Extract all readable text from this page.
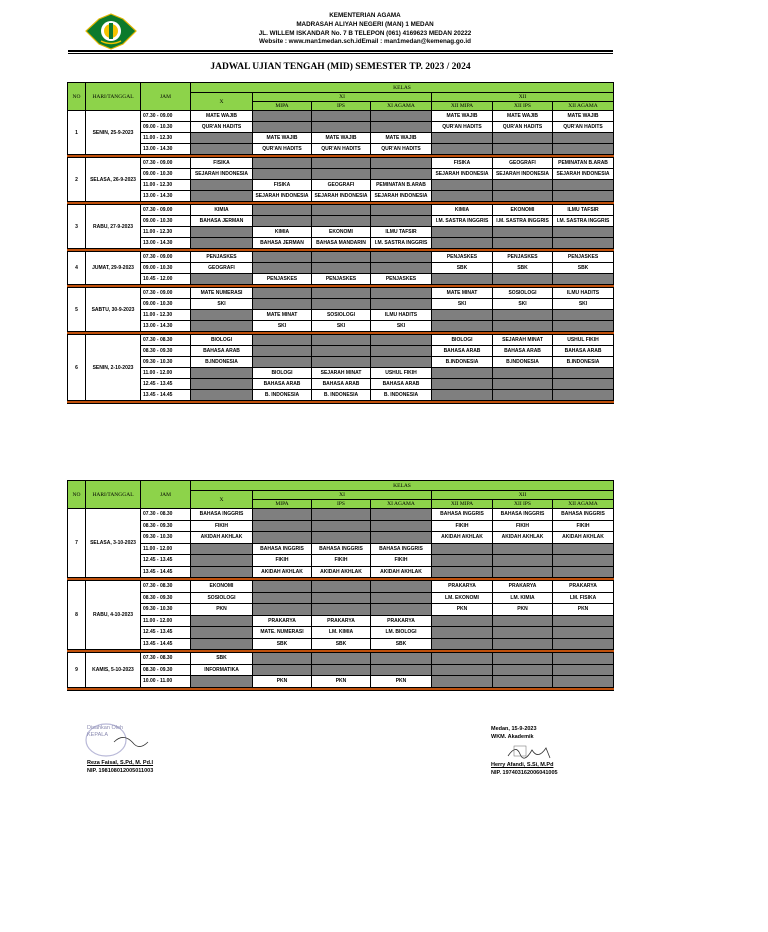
KEMENTERIAN AGAMA
MADRASAH ALIYAH NEGERI (MAN) 1 MEDAN
JL. WILLEM ISKANDAR No. 7 B TELEPON (061) 4169623 MEDAN 20222
Website : www.man1medan.sch.idEmail : man1medan@kemenag.go.id
JADWAL UJIAN TENGAH (MID) SEMESTER TP. 2023 / 2024
NO	HARI/TANGGAL	JAM	KELAS						
			X	XI			XII		
				MIPA	IPS	XI AGAMA	XII MIPA	XII IPS	XII AGAMA
1	SENIN, 25-9-2023	07.30 - 09.00	MATE WAJIB				MATE WAJIB	MATE WAJIB	MATE WAJIB
		09.00 - 10.30	QUR'AN HADITS				QUR'AN HADITS	QUR'AN HADITS	QUR'AN HADITS
		11.00 - 12.30		MATE WAJIB	MATE WAJIB	MATE WAJIB			
		13.00 - 14.30		QUR'AN HADITS	QUR'AN HADITS	QUR'AN HADITS			

2	SELASA, 26-9-2023	07.30 - 09.00	FISIKA				FISIKA	GEOGRAFI	PEMINATAN B.ARAB
		09.00 - 10.30	SEJARAH INDONESIA				SEJARAH INDONESIA	SEJARAH INDONESIA	SEJARAH INDONESIA
		11.00 - 12.30		FISIKA	GEOGRAFI	PEMINATAN B.ARAB			
		13.00 - 14.30		SEJARAH INDONESIA	SEJARAH INDONESIA	SEJARAH INDONESIA			

3	RABU, 27-9-2023	07.30 - 09.00	KIMIA				KIMIA	EKONOMI	ILMU TAFSIR
		09.00 - 10.30	BAHASA JERMAN				I.M. SASTRA INGGRIS	I.M. SASTRA INGGRIS	I.M. SASTRA INGGRIS
		11.00 - 12.30		KIMIA	EKONOMI	ILMU TAFSIR			
		13.00 - 14.30		BAHASA JERMAN	BAHASA MANDARIN	I.M. SASTRA INGGRIS			

4	JUMAT, 29-9-2023	07.30 - 09.00	PENJASKES				PENJASKES	PENJASKES	PENJASKES
		09.00 - 10.30	GEOGRAFI				SBK	SBK	SBK
		10.45 - 12.00		PENJASKES	PENJASKES	PENJASKES			

5	SABTU, 30-9-2023	07.30 - 09.00	MATE NUMERASI				MATE MINAT	SOSIOLOGI	ILMU HADITS
		09.00 - 10.30	SKI				SKI	SKI	SKI
		11.00 - 12.30		MATE MINAT	SOSIOLOGI	ILMU HADITS			
		13.00 - 14.30		SKI	SKI	SKI			

6	SENIN, 2-10-2023	07.30 - 08.30	BIOLOGI				BIOLOGI	SEJARAH MINAT	USHUL FIKIH
		08.30 - 09.30	BAHASA ARAB				BAHASA ARAB	BAHASA ARAB	BAHASA ARAB
		09.30 - 10.30	B.INDONESIA				B.INDONESIA	B.INDONESIA	B.INDONESIA
		11.00 - 12.00		BIOLOGI	SEJARAH MINAT	USHUL FIKIH			
		12.45 - 13.45		BAHASA ARAB	BAHASA ARAB	BAHASA ARAB			
		13.45 - 14.45		B. INDONESIA	B. INDONESIA	B. INDONESIA			

NO	HARI/TANGGAL	JAM	KELAS						
			X	XI			XII		
				MIPA	IPS	XI AGAMA	XII MIPA	XII IPS	XII AGAMA
7	SELASA, 3-10-2023	07.30 - 08.30	BAHASA INGGRIS				BAHASA INGGRIS	BAHASA INGGRIS	BAHASA INGGRIS
		08.30 - 09.30	FIKIH				FIKIH	FIKIH	FIKIH
		09.30 - 10.30	AKIDAH AKHLAK				AKIDAH AKHLAK	AKIDAH AKHLAK	AKIDAH AKHLAK
		11.00 - 12.00		BAHASA INGGRIS	BAHASA INGGRIS	BAHASA INGGRIS			
		12.45 - 13.45		FIKIH	FIKIH	FIKIH			
		13.45 - 14.45		AKIDAH AKHLAK	AKIDAH AKHLAK	AKIDAH AKHLAK			

8	RABU, 4-10-2023	07.30 - 08.30	EKONOMI				PRAKARYA	PRAKARYA	PRAKARYA
		08.30 - 09.30	SOSIOLOGI				LM. EKONOMI	LM. KIMIA	LM. FISIKA
		09.30 - 10.30	PKN				PKN	PKN	PKN
		11.00 - 12.00		PRAKARYA	PRAKARYA	PRAKARYA			
		12.45 - 13.45		MATE. NUMERASI	LM. KIMIA	LM. BIOLOGI			
		13.45 - 14.45		SBK	SBK	SBK			

9	KAMIS, 5-10-2023	07.30 - 08.30	SBK						
		08.30 - 09.30	INFORMATIKA						
		10.00 - 11.00		PKN	PKN	PKN			

Disahkan Oleh KEPALA
Reza Faisal, S.Pd, M. Pd.I
NIP. 198108012005011003
Medan, 15-9-2023
WKM. Akademik
Herry Afandi, S.Si, M.Pd
NIP. 197403162006041005
